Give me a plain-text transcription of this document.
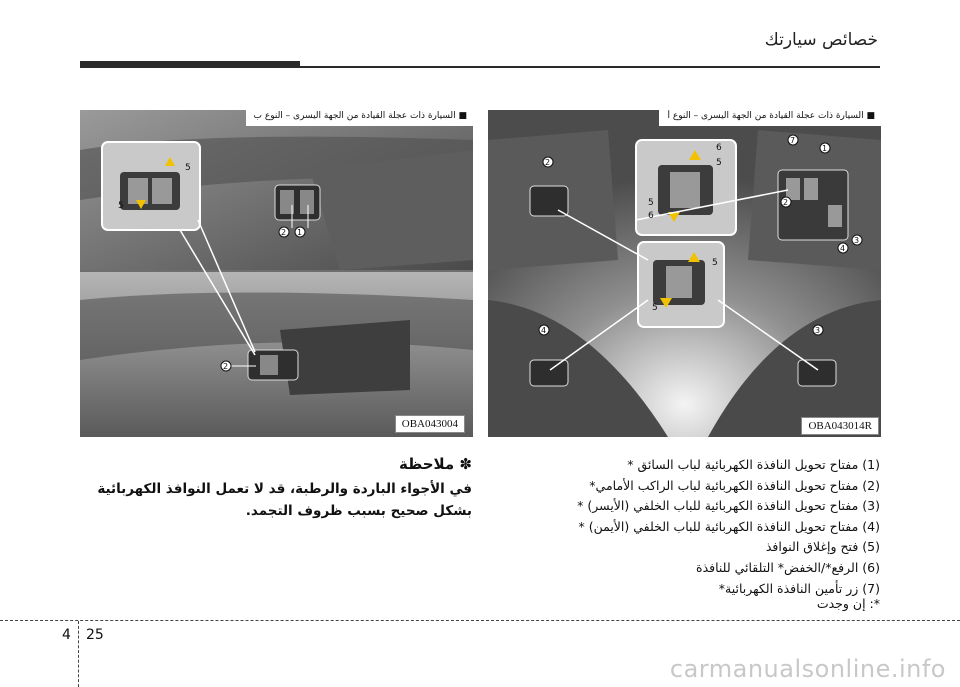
خصائص سيارتك
5
5
2 1
2
■ السيارة ذات عجلة القيادة من الجهة اليسرى – النوع ب
OBA043004
2
7
1
2
4
3
6
5
5
6
5
5
4	3
■ السيارة ذات عجلة القيادة من الجهة اليسرى – النوع أ
OBA043014R
✽ ملاحظة
في الأجواء الباردة والرطبة، قد لا تعمل النوافذ الكهربائية بشكل صحيح بسبب ظروف التجمد.
(1) مفتاح تحويل النافذة الكهربائية لباب السائق *
(2) مفتاح تحويل النافذة الكهربائية لباب الراكب الأمامي*
(3) مفتاح تحويل النافذة الكهربائية للباب الخلفي (الأيسر) *
(4) مفتاح تحويل النافذة الكهربائية للباب الخلفي (الأيمن) *
(5) فتح وإغلاق النوافذ
(6) الرفع*/الخفض* التلقائي للنافذة
(7) زر تأمين النافذة الكهربائية*
*: إن وجدت
4 25
carmanualsonline.info
